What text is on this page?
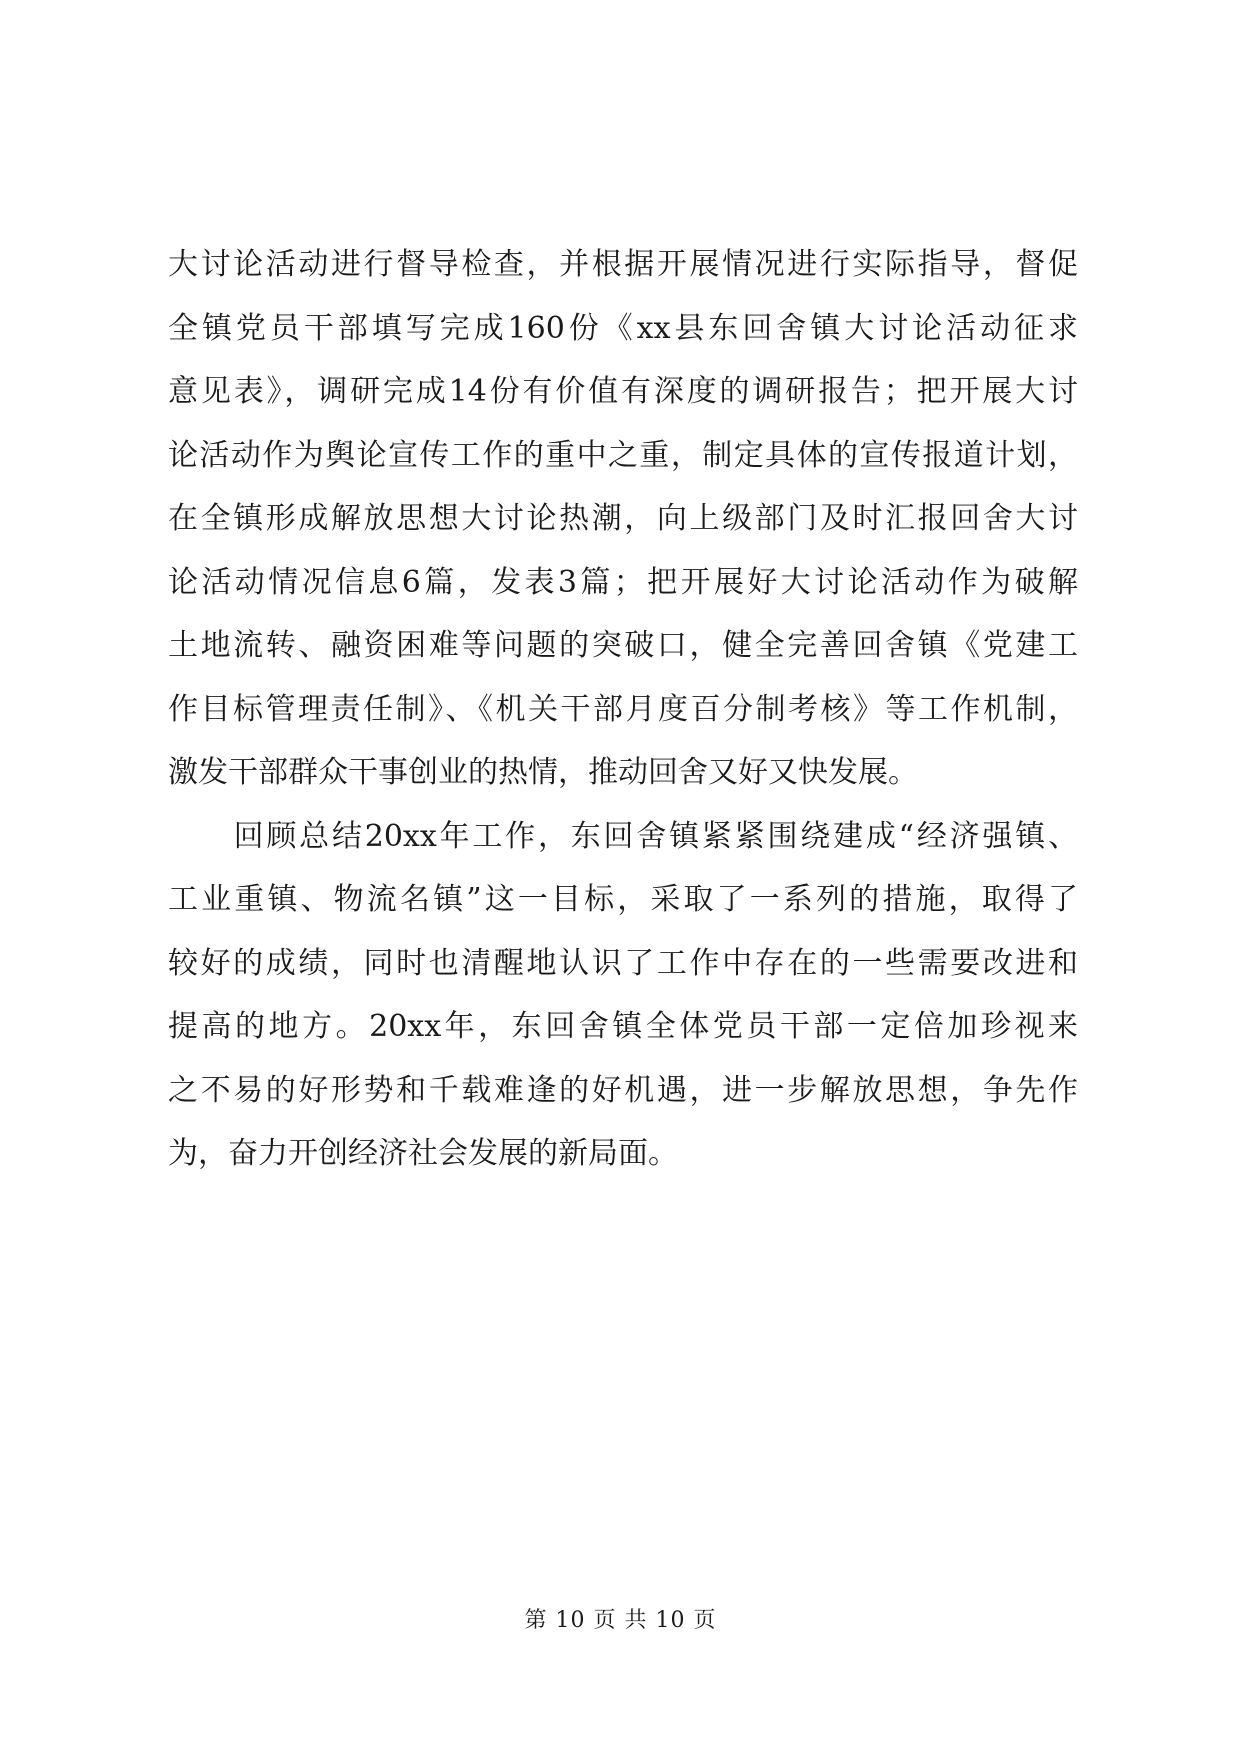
大讨论活动进行督导检查，并根据开展情况进行实际指导，督促
全镇党员干部填写完成160份《xx县东回舍镇大讨论活动征求
意见表》，调研完成14份有价值有深度的调研报告；把开展大讨
论活动作为舆论宣传工作的重中之重，制定具体的宣传报道计划，
在全镇形成解放思想大讨论热潮，向上级部门及时汇报回舍大讨
论活动情况信息6篇，发表3篇；把开展好大讨论活动作为破解
土地流转、融资困难等问题的突破口，健全完善回舍镇《党建工
作目标管理责任制》、《机关干部月度百分制考核》等工作机制，
激发干部群众干事创业的热情，推动回舍又好又快发展。
　　回顾总结20xx年工作，东回舍镇紧紧围绕建成“经济强镇、
工业重镇、物流名镇”这一目标，采取了一系列的措施，取得了
较好的成绩，同时也清醒地认识了工作中存在的一些需要改进和
提高的地方。20xx年，东回舍镇全体党员干部一定倍加珍视来
之不易的好形势和千载难逢的好机遇，进一步解放思想，争先作
为，奋力开创经济社会发展的新局面。
第 10 页 共 10 页
